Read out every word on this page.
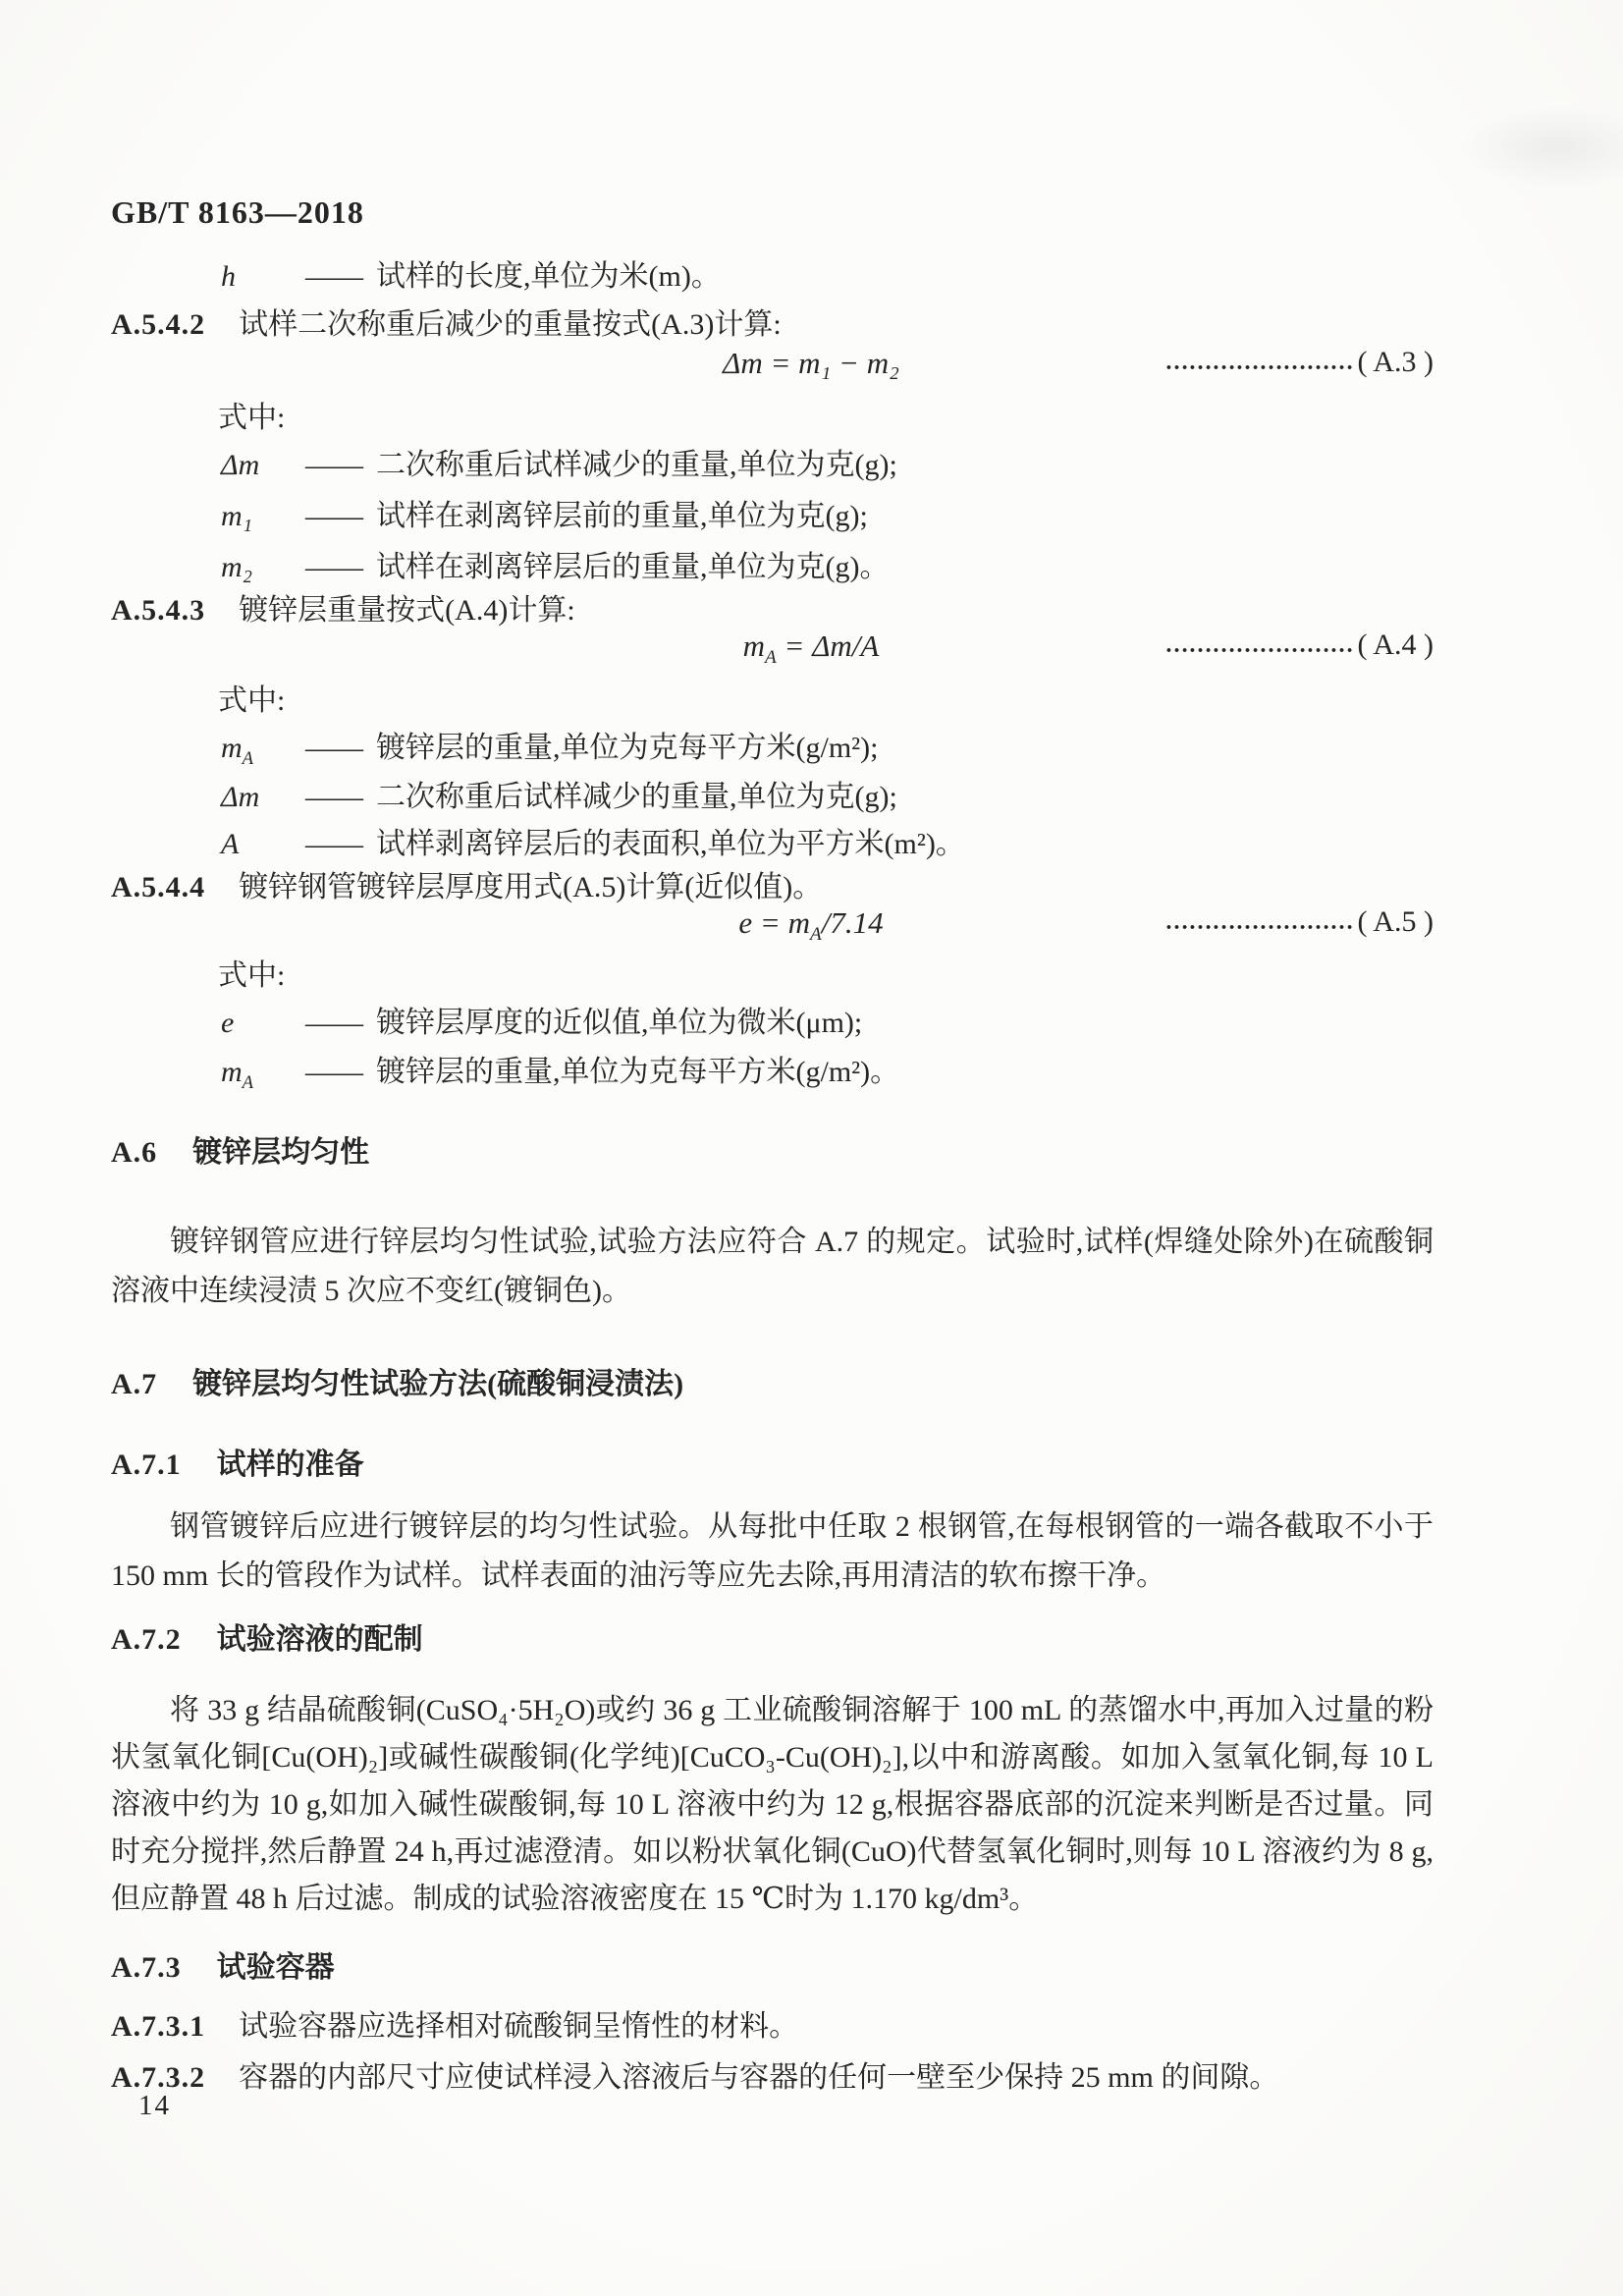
GB/T 8163—2018
h	—— 试样的长度,单位为米(m)。
A.5.4.2 试样二次称重后减少的重量按式(A.3)计算:
Δm = m₁ − m₂	…………………… ( A.3 )
式中:
Δm	—— 二次称重后试样减少的重量,单位为克(g);
m₁	—— 试样在剥离锌层前的重量,单位为克(g);
m₂	—— 试样在剥离锌层后的重量,单位为克(g)。
A.5.4.3 镀锌层重量按式(A.4)计算:
$m_A = \Delta m/A$	…………………… ( A.4 )
式中:
$m_A$	—— 镀锌层的重量,单位为克每平方米(g/m²);
Δm	—— 二次称重后试样减少的重量,单位为克(g);
A	—— 试样剥离锌层后的表面积,单位为平方米(m²)。
A.5.4.4 镀锌钢管镀锌层厚度用式(A.5)计算(近似值)。
$e = m_A/7.14$	…………………… ( A.5 )
式中:
e	—— 镀锌层厚度的近似值,单位为微米(μm);
$m_A$	—— 镀锌层的重量,单位为克每平方米(g/m²)。
A.6 镀锌层均匀性
镀锌钢管应进行锌层均匀性试验,试验方法应符合 A.7 的规定。试验时,试样(焊缝处除外)在硫酸铜溶液中连续浸渍 5 次应不变红(镀铜色)。
A.7 镀锌层均匀性试验方法(硫酸铜浸渍法)
A.7.1 试样的准备
钢管镀锌后应进行镀锌层的均匀性试验。从每批中任取 2 根钢管,在每根钢管的一端各截取不小于 150 mm 长的管段作为试样。试样表面的油污等应先去除,再用清洁的软布擦干净。
A.7.2 试验溶液的配制
将 33 g 结晶硫酸铜(CuSO₄·5H₂O)或约 36 g 工业硫酸铜溶解于 100 mL 的蒸馏水中,再加入过量的粉状氢氧化铜[Cu(OH)₂]或碱性碳酸铜(化学纯)[CuCO₃-Cu(OH)₂],以中和游离酸。如加入氢氧化铜,每 10 L 溶液中约为 10 g,如加入碱性碳酸铜,每 10 L 溶液中约为 12 g,根据容器底部的沉淀来判断是否过量。同时充分搅拌,然后静置 24 h,再过滤澄清。如以粉状氧化铜(CuO)代替氢氧化铜时,则每 10 L 溶液约为 8 g,但应静置 48 h 后过滤。制成的试验溶液密度在 15 ℃时为 1.170 kg/dm³。
A.7.3 试验容器
A.7.3.1 试验容器应选择相对硫酸铜呈惰性的材料。
A.7.3.2 容器的内部尺寸应使试样浸入溶液后与容器的任何一壁至少保持 25 mm 的间隙。
14
